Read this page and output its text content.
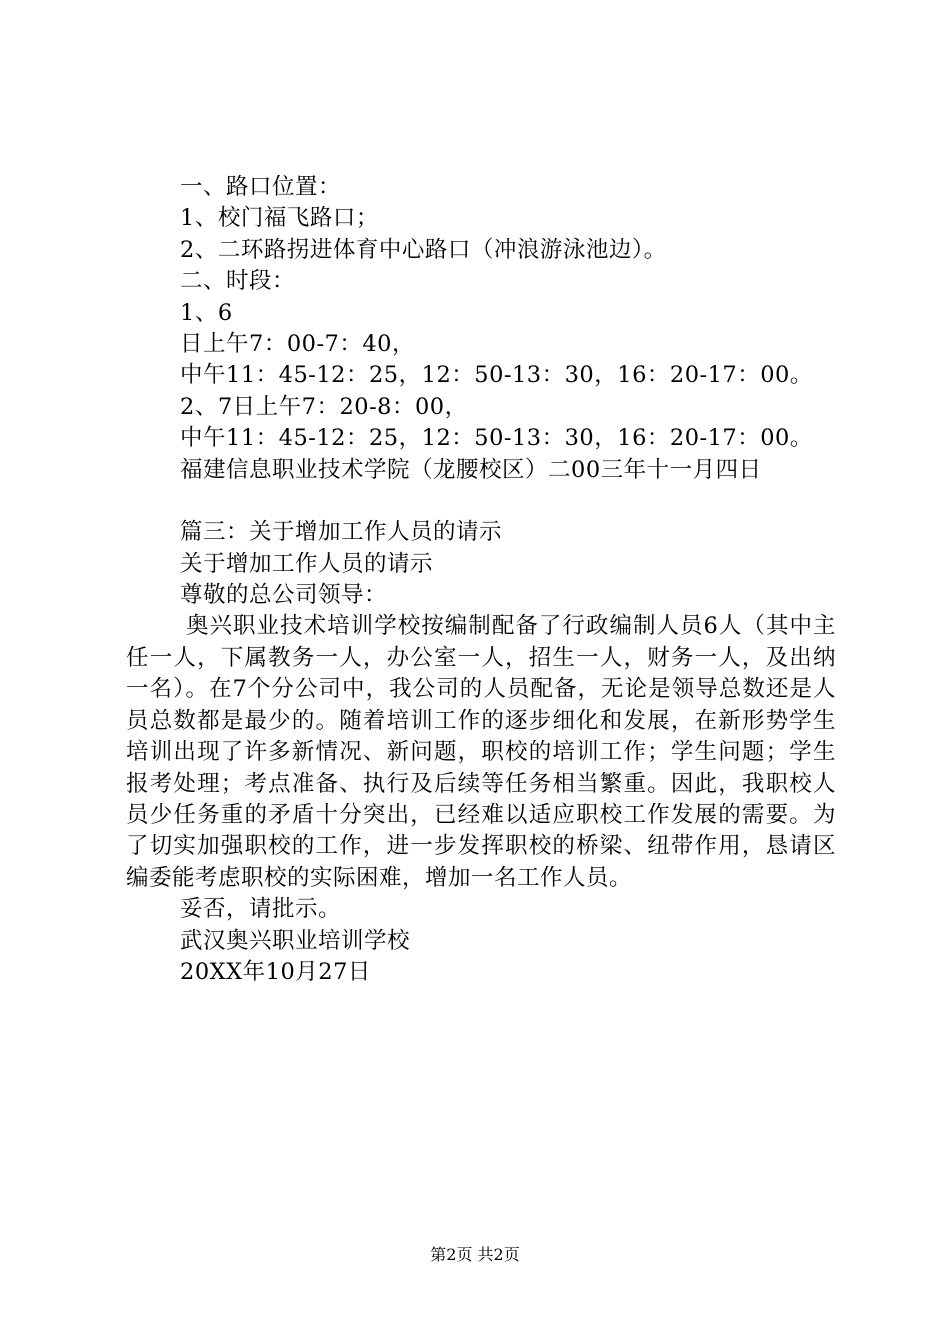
一、路口位置：
1、校门福飞路口；
2、二环路拐进体育中心路口（冲浪游泳池边）。
二、时段：
1、6
日上午7：00-7：40，
中午11：45-12：25，12：50-13：30，16：20-17：00。
2、7日上午7：20-8：00，
中午11：45-12：25，12：50-13：30，16：20-17：00。
福建信息职业技术学院（龙腰校区）二00三年十一月四日
篇三：关于增加工作人员的请示
关于增加工作人员的请示
尊敬的总公司领导：
奥兴职业技术培训学校按编制配备了行政编制人员6人（其中主任一人，下属教务一人，办公室一人，招生一人，财务一人，及出纳一名）。在7个分公司中，我公司的人员配备，无论是领导总数还是人员总数都是最少的。随着培训工作的逐步细化和发展，在新形势学生培训出现了许多新情况、新问题，职校的培训工作；学生问题；学生报考处理；考点准备、执行及后续等任务相当繁重。因此，我职校人员少任务重的矛盾十分突出，已经难以适应职校工作发展的需要。为了切实加强职校的工作，进一步发挥职校的桥梁、纽带作用，恳请区编委能考虑职校的实际困难，增加一名工作人员。
妥否，请批示。
武汉奥兴职业培训学校
20XX年10月27日
第2页 共2页
